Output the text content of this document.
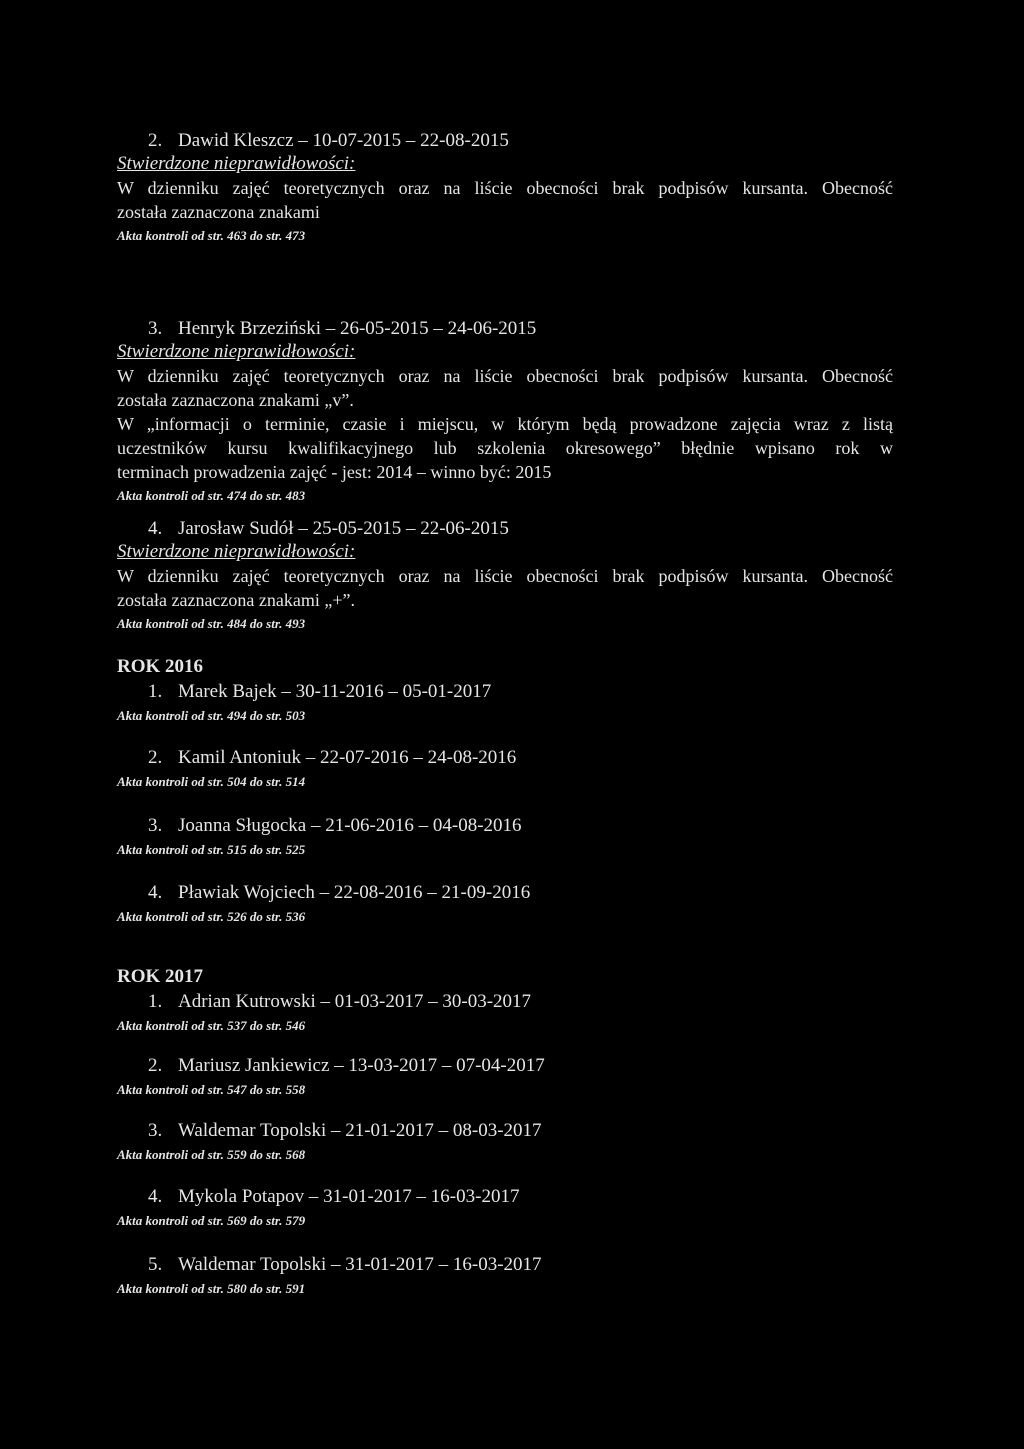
2. Dawid Kleszcz – 10-07-2015 – 22-08-2015
Stwierdzone nieprawidłowości:
W dzienniku zajęć teoretycznych oraz na liście obecności brak podpisów kursanta. Obecność
została zaznaczona znakami
Akta kontroli od str. 463 do str. 473
3. Henryk Brzeziński – 26-05-2015 – 24-06-2015
Stwierdzone nieprawidłowości:
W dzienniku zajęć teoretycznych oraz na liście obecności brak podpisów kursanta. Obecność
została zaznaczona znakami „v”.
W „informacji o terminie, czasie i miejscu, w którym będą prowadzone zajęcia wraz z listą
uczestników kursu kwalifikacyjnego lub szkolenia okresowego” błędnie wpisano rok w
terminach prowadzenia zajęć - jest: 2014 – winno być: 2015
Akta kontroli od str. 474 do str. 483
4. Jarosław Sudół – 25-05-2015 – 22-06-2015
Stwierdzone nieprawidłowości:
W dzienniku zajęć teoretycznych oraz na liście obecności brak podpisów kursanta. Obecność
została zaznaczona znakami „+”.
Akta kontroli od str. 484 do str. 493
ROK 2016
1. Marek Bajek – 30-11-2016 – 05-01-2017
Akta kontroli od str. 494 do str. 503
2. Kamil Antoniuk – 22-07-2016 – 24-08-2016
Akta kontroli od str. 504 do str. 514
3. Joanna Sługocka – 21-06-2016 – 04-08-2016
Akta kontroli od str. 515 do str. 525
4. Pławiak Wojciech – 22-08-2016 – 21-09-2016
Akta kontroli od str. 526 do str. 536
ROK 2017
1. Adrian Kutrowski – 01-03-2017 – 30-03-2017
Akta kontroli od str. 537 do str. 546
2. Mariusz Jankiewicz – 13-03-2017 – 07-04-2017
Akta kontroli od str. 547 do str. 558
3. Waldemar Topolski – 21-01-2017 – 08-03-2017
Akta kontroli od str. 559 do str. 568
4. Mykola Potapov – 31-01-2017 – 16-03-2017
Akta kontroli od str. 569 do str. 579
5. Waldemar Topolski – 31-01-2017 – 16-03-2017
Akta kontroli od str. 580 do str. 591
